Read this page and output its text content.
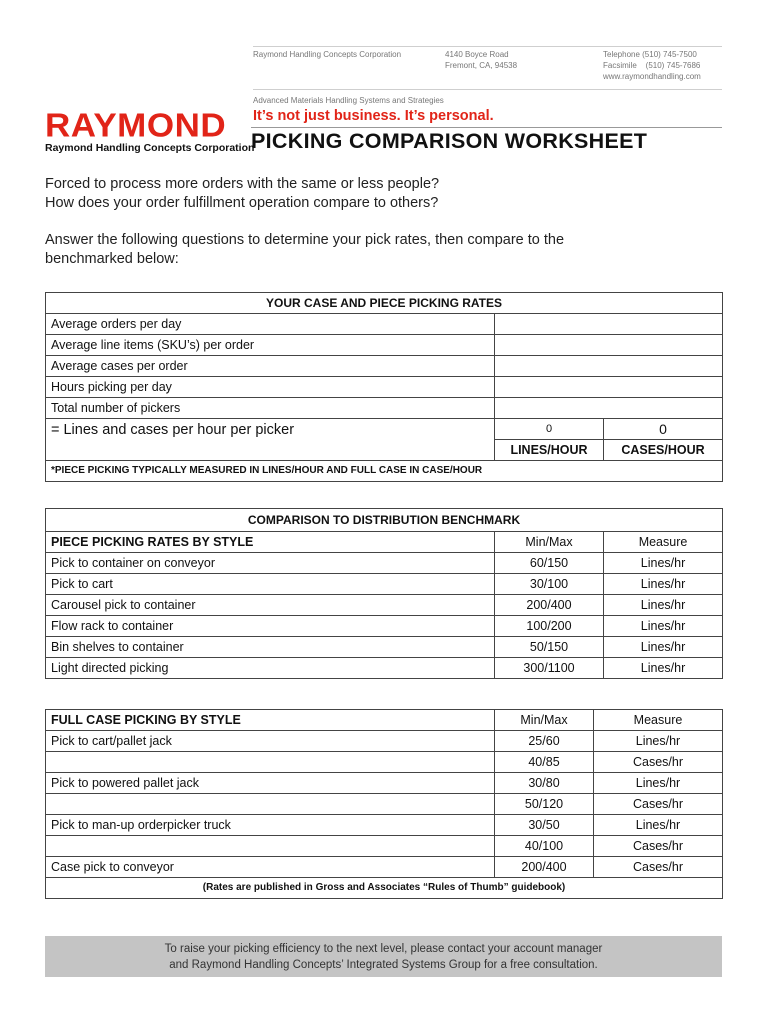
Raymond Handling Concepts Corporation	4140 Boyce Road
Fremont, CA, 94538
Telephone (510) 745-7500
Facsimile    (510) 745-7686
www.raymondhandling.com
Advanced Materials Handling Systems and Strategies
RAYMOND
Raymond Handling Concepts Corporation
It’s not just business. It’s personal.
PICKING COMPARISON WORKSHEET
Forced to process more orders with the same or less people?
How does your order fulfillment operation compare to others?
Answer the following questions to determine your pick rates, then compare to the
benchmarked below:
YOUR CASE AND PIECE PICKING RATES		
Average orders per day		
Average line items (SKU’s) per order		
Average cases per order		
Hours picking per day		
Total number of pickers		
= Lines and cases per hour per picker	0	0
	LINES/HOUR	CASES/HOUR
*PIECE PICKING TYPICALLY MEASURED IN LINES/HOUR AND FULL CASE IN CASE/HOUR		
COMPARISON TO DISTRIBUTION BENCHMARK		
PIECE PICKING RATES BY STYLE	Min/Max	Measure
Pick to container on conveyor	60/150	Lines/hr
Pick to cart	30/100	Lines/hr
Carousel pick to container	200/400	Lines/hr
Flow rack to container	100/200	Lines/hr
Bin shelves to container	50/150	Lines/hr
Light directed picking	300/1100	Lines/hr
FULL CASE PICKING BY STYLE	Min/Max	Measure
Pick to cart/pallet jack	25/60	Lines/hr
	40/85	Cases/hr
Pick to powered pallet jack	30/80	Lines/hr
	50/120	Cases/hr
Pick to man-up orderpicker truck	30/50	Lines/hr
	40/100	Cases/hr
Case pick to conveyor	200/400	Cases/hr
(Rates are published in Gross and Associates “Rules of Thumb” guidebook)		
To raise your picking efficiency to the next level, please contact your account manager
and Raymond Handling Concepts’ Integrated Systems Group for a free consultation.
